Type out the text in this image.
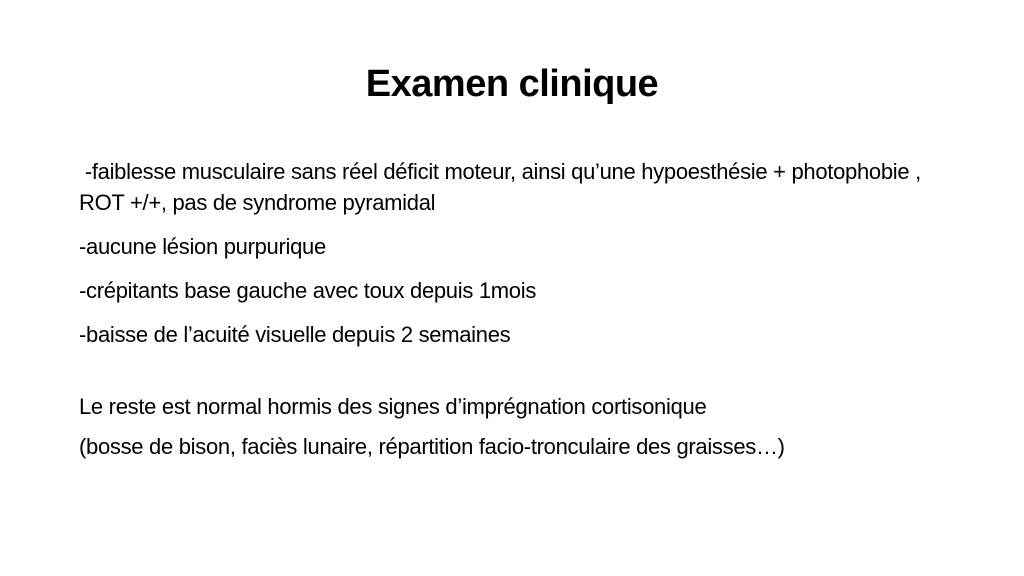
Examen clinique

-faiblesse musculaire sans réel déficit moteur, ainsi qu’une hypoesthésie + photophobie , ROT +/+, pas de syndrome pyramidal

-aucune lésion purpurique

-crépitants base gauche avec toux depuis 1mois

-baisse de l’acuité visuelle depuis 2 semaines

Le reste est normal hormis des signes d’imprégnation cortisonique

(bosse de bison, faciès lunaire, répartition facio-tronculaire des graisses…)
